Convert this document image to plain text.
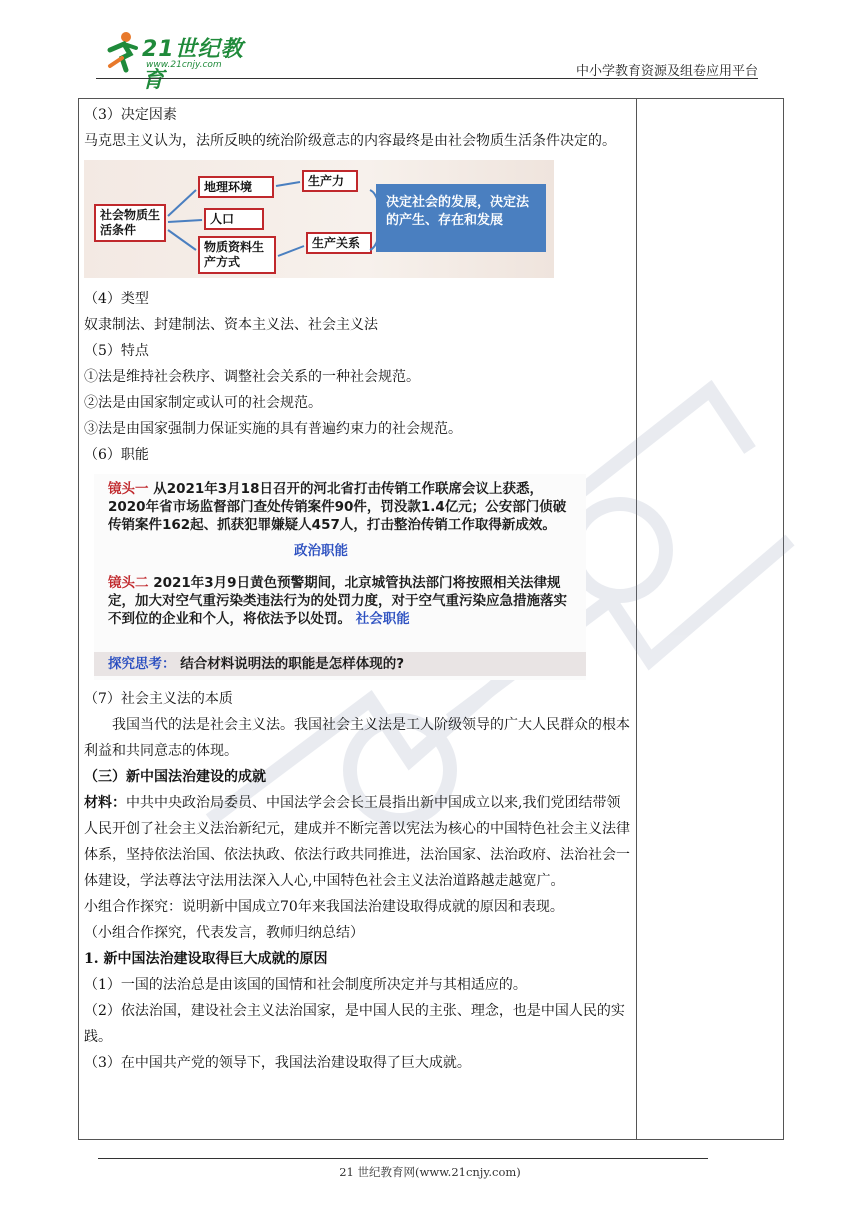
21世纪教育
www.21cnjy.com	中小学教育资源及组卷应用平台

（3）决定因素

马克思主义认为，法所反映的统治阶级意志的内容最终是由社会物质生活条件决定的。

社会物质生活条件
地理环境
人口
物质资料生产方式
生产力
生产关系
决定社会的发展，决定法的产生、存在和发展

（4）类型

奴隶制法、封建制法、资本主义法、社会主义法

（5）特点

①法是维持社会秩序、调整社会关系的一种社会规范。

②法是由国家制定或认可的社会规范。

③法是由国家强制力保证实施的具有普遍约束力的社会规范。

（6）职能

镜头一 从2021年3月18日召开的河北省打击传销工作联席会议上获悉，2020年省市场监督部门查处传销案件90件，罚没款1.4亿元；公安部门侦破传销案件162起、抓获犯罪嫌疑人457人，打击整治传销工作取得新成效。
政治职能
镜头二 2021年3月9日黄色预警期间，北京城管执法部门将按照相关法律规定，加大对空气重污染类违法行为的处罚力度，对于空气重污染应急措施落实不到位的企业和个人，将依法予以处罚。 社会职能
探究思考： 结合材料说明法的职能是怎样体现的?

（7）社会主义法的本质

我国当代的法是社会主义法。我国社会主义法是工人阶级领导的广大人民群众的根本利益和共同意志的体现。

（三）新中国法治建设的成就

材料：中共中央政治局委员、中国法学会会长王晨指出新中国成立以来,我们党团结带领人民开创了社会主义法治新纪元，建成并不断完善以宪法为核心的中国特色社会主义法律体系，坚持依法治国、依法执政、依法行政共同推进，法治国家、法治政府、法治社会一体建设，学法尊法守法用法深入人心,中国特色社会主义法治道路越走越宽广。

小组合作探究：说明新中国成立70年来我国法治建设取得成就的原因和表现。

（小组合作探究，代表发言，教师归纳总结）

1. 新中国法治建设取得巨大成就的原因

（1）一国的法治总是由该国的国情和社会制度所决定并与其相适应的。

（2）依法治国，建设社会主义法治国家，是中国人民的主张、理念，也是中国人民的实践。

（3）在中国共产党的领导下，我国法治建设取得了巨大成就。

21 世纪教育网(www.21cnjy.com)
